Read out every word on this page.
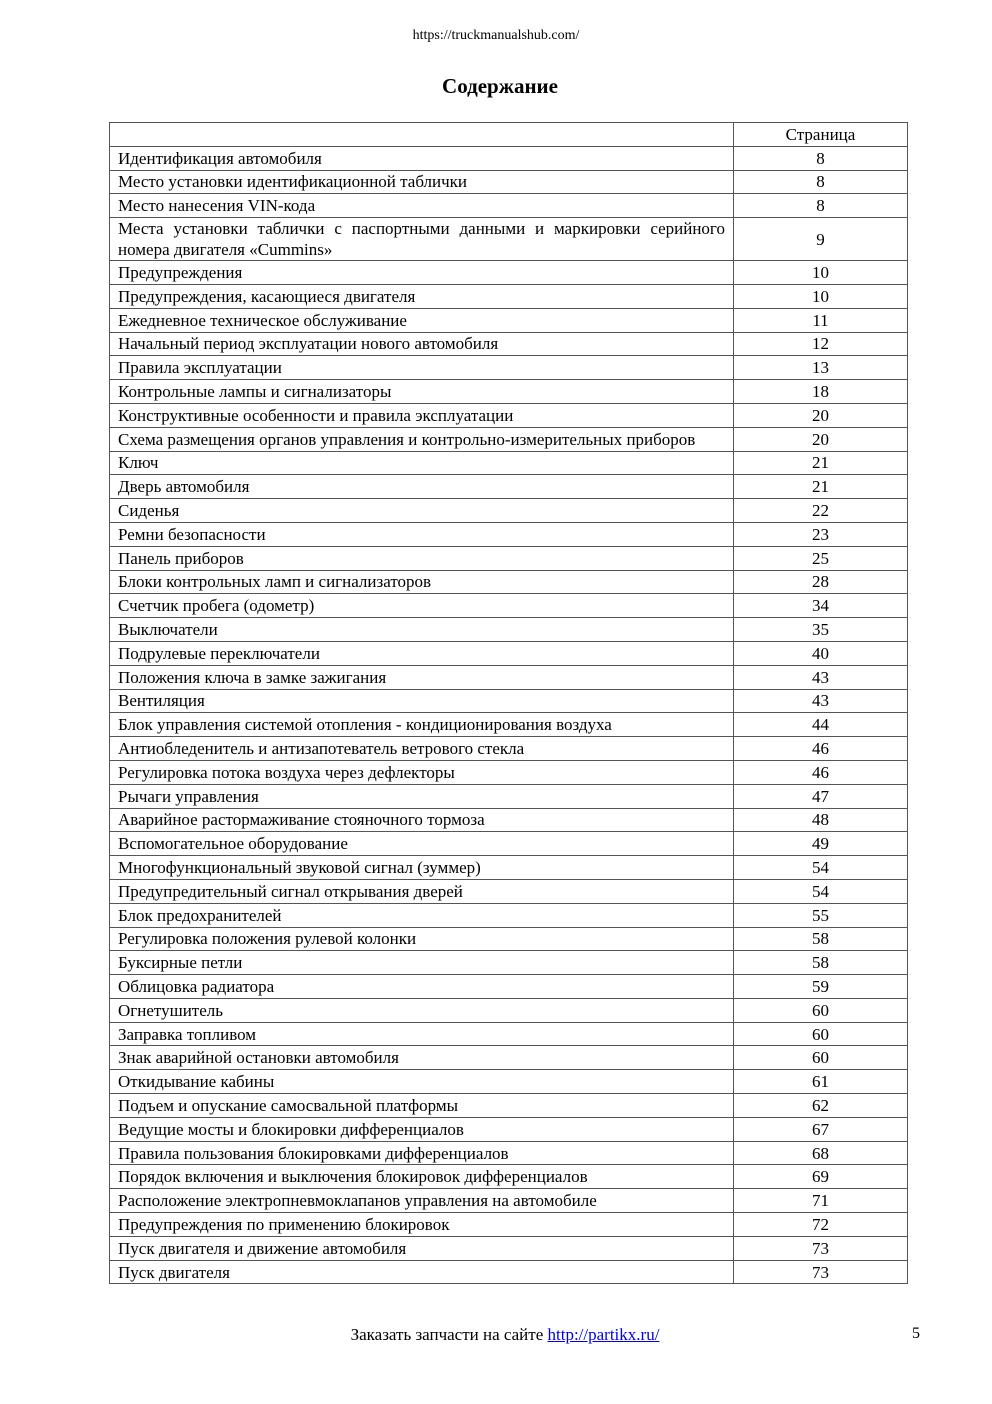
https://truckmanualshub.com/
Содержание
	Страница
Идентификация автомобиля	8
Место установки идентификационной таблички	8
Место нанесения VIN-кода	8
Места установки таблички с паспортными данными и маркировки серийного номера двигателя «Cummins»	9
Предупреждения	10
Предупреждения, касающиеся двигателя	10
Ежедневное техническое обслуживание	11
Начальный период эксплуатации нового автомобиля	12
Правила эксплуатации	13
Контрольные лампы и сигнализаторы	18
Конструктивные особенности и правила эксплуатации	20
Схема размещения органов управления и контрольно-измерительных приборов	20
Ключ	21
Дверь автомобиля	21
Сиденья	22
Ремни безопасности	23
Панель приборов	25
Блоки контрольных ламп и сигнализаторов	28
Счетчик пробега (одометр)	34
Выключатели	35
Подрулевые переключатели	40
Положения ключа в замке зажигания	43
Вентиляция	43
Блок управления системой отопления - кондиционирования воздуха	44
Антиобледенитель и антизапотеватель ветрового стекла	46
Регулировка потока воздуха через дефлекторы	46
Рычаги управления	47
Аварийное растормаживание стояночного тормоза	48
Вспомогательное оборудование	49
Многофункциональный звуковой сигнал (зуммер)	54
Предупредительный сигнал открывания дверей	54
Блок предохранителей	55
Регулировка положения рулевой колонки	58
Буксирные петли	58
Облицовка радиатора	59
Огнетушитель	60
Заправка топливом	60
Знак аварийной остановки автомобиля	60
Откидывание кабины	61
Подъем и опускание самосвальной платформы	62
Ведущие мосты и блокировки дифференциалов	67
Правила пользования блокировками дифференциалов	68
Порядок включения и выключения блокировок дифференциалов	69
Расположение электропневмоклапанов управления на автомобиле	71
Предупреждения по применению блокировок	72
Пуск двигателя и движение автомобиля	73
Пуск двигателя	73
Заказать запчасти на сайте http://partikx.ru/	5
